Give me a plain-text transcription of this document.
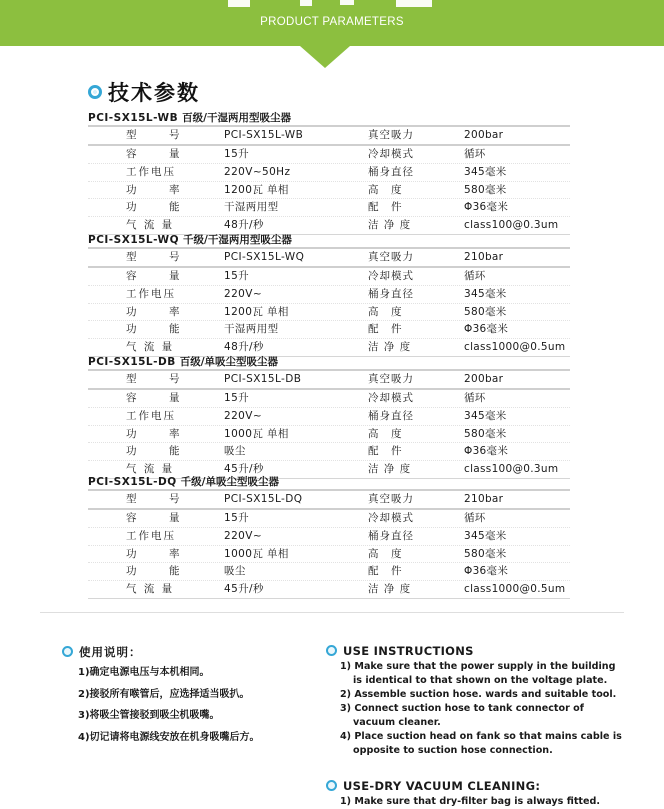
PRODUCT PARAMETERS
技术参数
PCI-SX15L-WB 百级/干湿两用型吸尘器
型　号	PCI-SX15L-WB	真空吸力	200bar
容　量	15升	冷却模式	循环
工作电压	220V~50Hz	桶身直径	345毫米
功　率	1200瓦 单相	高　度	580毫米
功　能	干湿两用型	配　件	Φ36毫米
气 流 量	48升/秒	洁 净 度	class100@0.3um
PCI-SX15L-WQ 千级/干湿两用型吸尘器
型　号	PCI-SX15L-WQ	真空吸力	210bar
容　量	15升	冷却模式	循环
工作电压	220V~	桶身直径	345毫米
功　率	1200瓦 单相	高　度	580毫米
功　能	干湿两用型	配　件	Φ36毫米
气 流 量	48升/秒	洁 净 度	class1000@0.5um
PCI-SX15L-DB 百级/单吸尘型吸尘器
型　号	PCI-SX15L-DB	真空吸力	200bar
容　量	15升	冷却模式	循环
工作电压	220V~	桶身直径	345毫米
功　率	1000瓦 单相	高　度	580毫米
功　能	吸尘	配　件	Φ36毫米
气 流 量	45升/秒	洁 净 度	class100@0.3um
PCI-SX15L-DQ 千级/单吸尘型吸尘器
型　号	PCI-SX15L-DQ	真空吸力	210bar
容　量	15升	冷却模式	循环
工作电压	220V~	桶身直径	345毫米
功　率	1000瓦 单相	高　度	580毫米
功　能	吸尘	配　件	Φ36毫米
气 流 量	45升/秒	洁 净 度	class1000@0.5um
使用说明：
1)确定电源电压与本机相同。
2)接驳所有喉管后，应选择适当吸扒。
3)将吸尘管接驳到吸尘机吸嘴。
4)切记请将电源线安放在机身吸嘴后方。
USE INSTRUCTIONS
1) Make sure that the power supply in the building is identical to that shown on the voltage plate.
2) Assemble suction hose. wards and suitable tool.
3) Connect suction hose to tank connector of vacuum cleaner.
4) Place suction head on fank so that mains cable is opposite to suction hose connection.
USE-DRY VACUUM CLEANING:
1) Make sure that dry-filter bag is always fitted.
